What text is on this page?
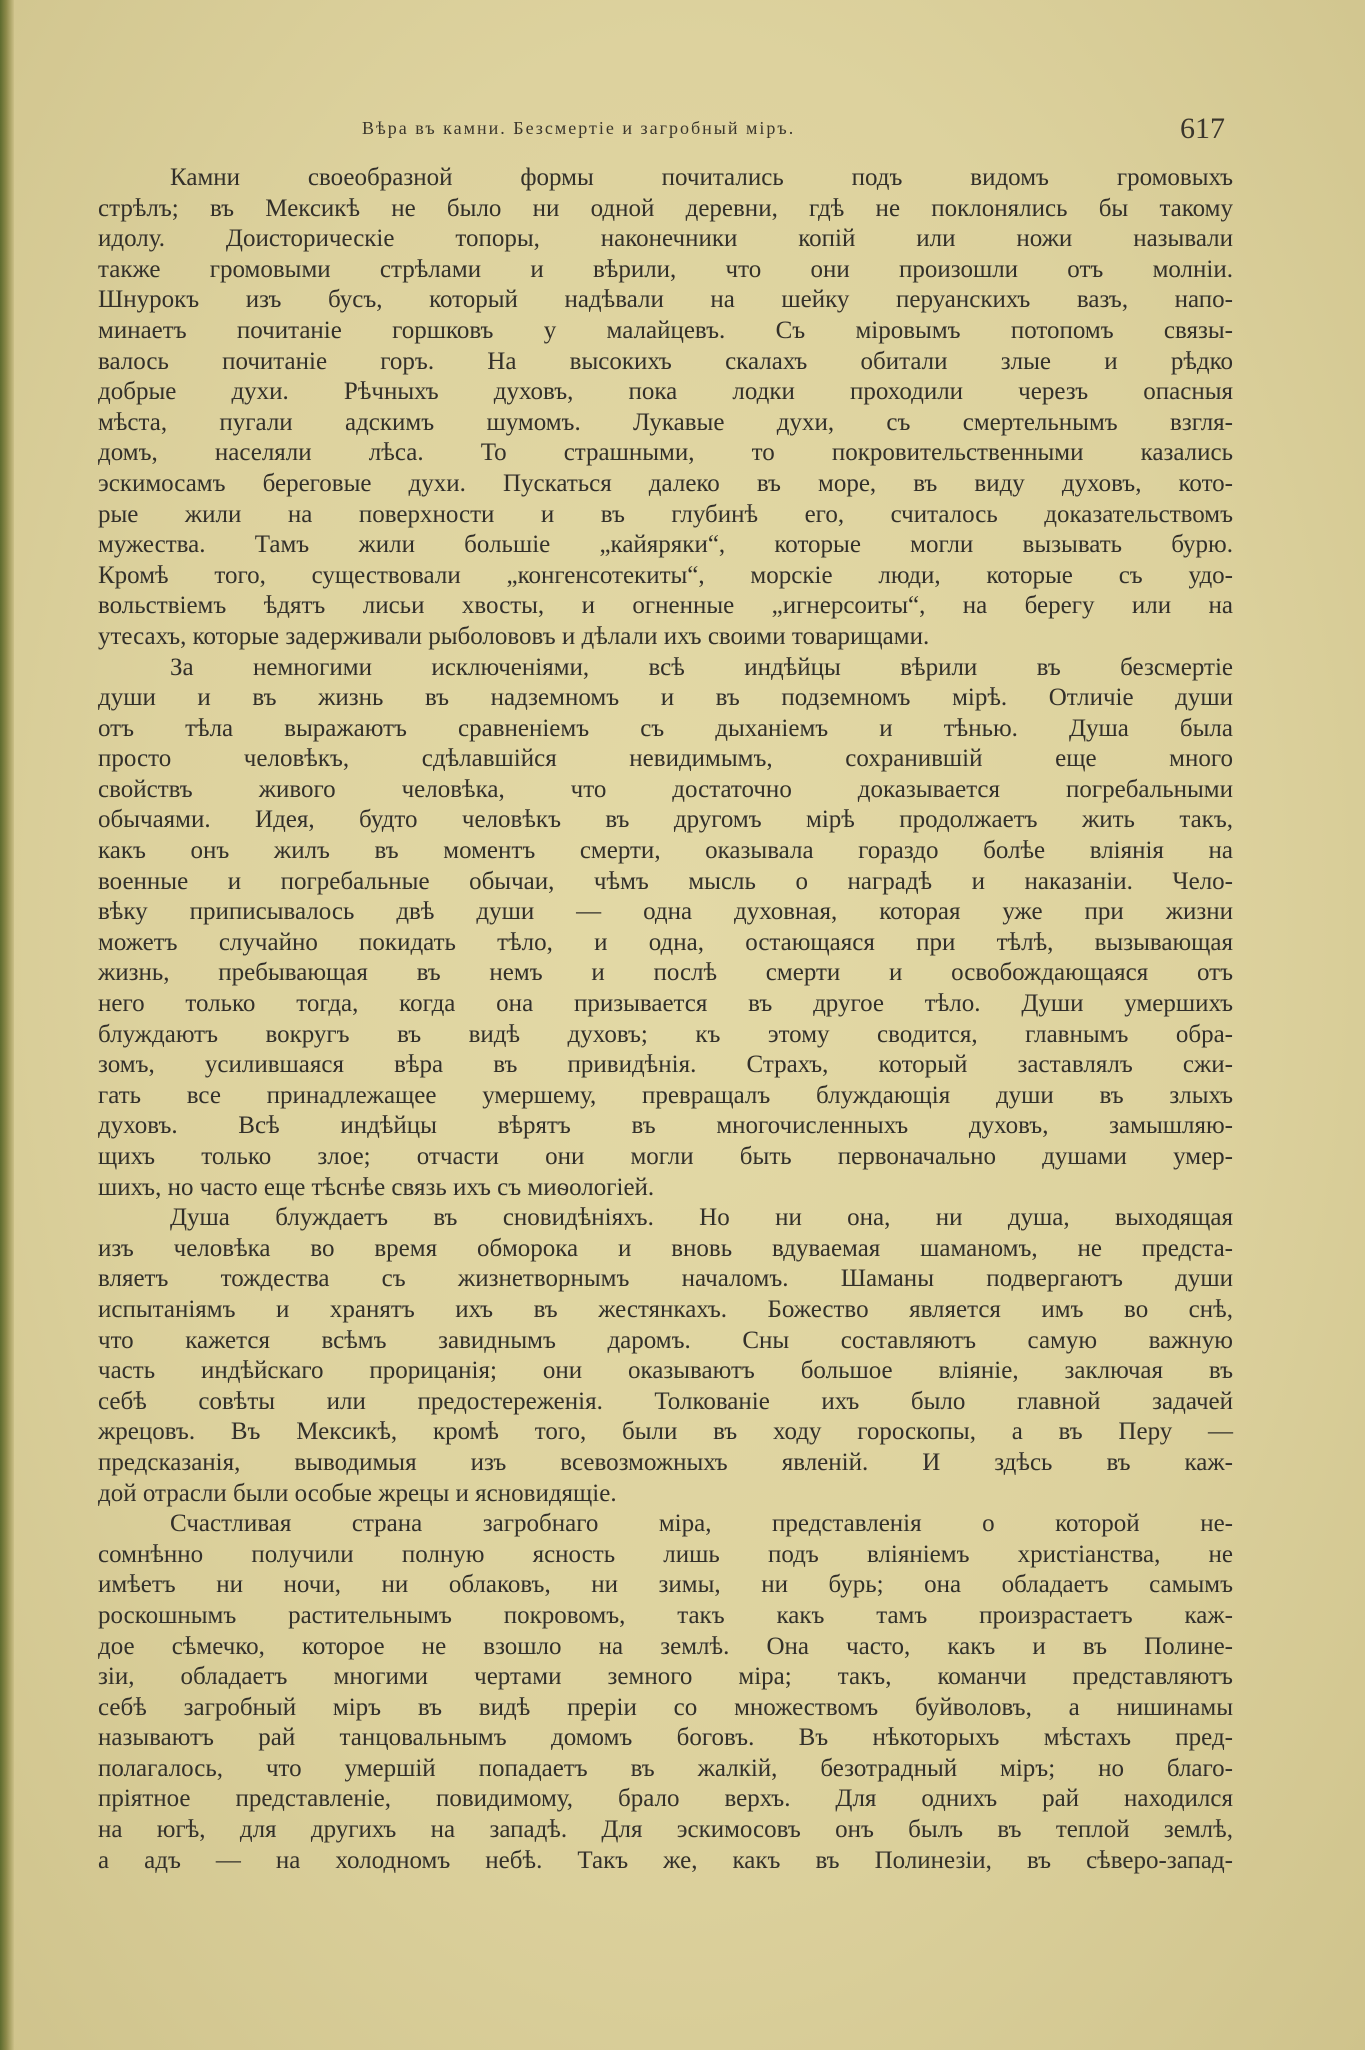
Вѣра въ камни. Безсмертіе и загробный міръ.	617
Камни своеобразной формы почитались подъ видомъ громовыхъ
стрѣлъ; въ Мексикѣ не было ни одной деревни, гдѣ не поклонялись бы такому
идолу. Доисторическіе топоры, наконечники копій или ножи называли
также громовыми стрѣлами и вѣрили, что они произошли отъ молніи.
Шнурокъ изъ бусъ, который надѣвали на шейку перуанскихъ вазъ, напо-
минаетъ почитаніе горшковъ у малайцевъ. Съ міровымъ потопомъ связы-
валось почитаніе горъ. На высокихъ скалахъ обитали злые и рѣдко
добрые духи. Рѣчныхъ духовъ, пока лодки проходили черезъ опасныя
мѣста, пугали адскимъ шумомъ. Лукавые духи, съ смертельнымъ взгля-
домъ, населяли лѣса. То страшными, то покровительственными казались
эскимосамъ береговые духи. Пускаться далеко въ море, въ виду духовъ, кото-
рые жили на поверхности и въ глубинѣ его, считалось доказательствомъ
мужества. Тамъ жили большіе „кайяряки“, которые могли вызывать бурю.
Кромѣ того, существовали „конгенсотекиты“, морскіе люди, которые съ удо-
вольствіемъ ѣдятъ лисьи хвосты, и огненные „игнерсоиты“, на берегу или на
утесахъ, которые задерживали рыболововъ и дѣлали ихъ своими товарищами.
За немногими исключеніями, всѣ индѣйцы вѣрили въ безсмертіе
души и въ жизнь въ надземномъ и въ подземномъ мірѣ. Отличіе души
отъ тѣла выражаютъ сравненіемъ съ дыханіемъ и тѣнью. Душа была
просто человѣкъ, сдѣлавшійся невидимымъ, сохранившій еще много
свойствъ живого человѣка, что достаточно доказывается погребальными
обычаями. Идея, будто человѣкъ въ другомъ мірѣ продолжаетъ жить такъ,
какъ онъ жилъ въ моментъ смерти, оказывала гораздо болѣе вліянія на
военные и погребальные обычаи, чѣмъ мысль о наградѣ и наказаніи. Чело-
вѣку приписывалось двѣ души — одна духовная, которая уже при жизни
можетъ случайно покидать тѣло, и одна, остающаяся при тѣлѣ, вызывающая
жизнь, пребывающая въ немъ и послѣ смерти и освобождающаяся отъ
него только тогда, когда она призывается въ другое тѣло. Души умершихъ
блуждаютъ вокругъ въ видѣ духовъ; къ этому сводится, главнымъ обра-
зомъ, усилившаяся вѣра въ привидѣнія. Страхъ, который заставлялъ сжи-
гать все принадлежащее умершему, превращалъ блуждающія души въ злыхъ
духовъ. Всѣ индѣйцы вѣрятъ въ многочисленныхъ духовъ, замышляю-
щихъ только злое; отчасти они могли быть первоначально душами умер-
шихъ, но часто еще тѣснѣе связь ихъ съ миѳологіей.
Душа блуждаетъ въ сновидѣніяхъ. Но ни она, ни душа, выходящая
изъ человѣка во время обморока и вновь вдуваемая шаманомъ, не предста-
вляетъ тождества съ жизнетворнымъ началомъ. Шаманы подвергаютъ души
испытаніямъ и хранятъ ихъ въ жестянкахъ. Божество является имъ во снѣ,
что кажется всѣмъ завиднымъ даромъ. Сны составляютъ самую важную
часть индѣйскаго прорицанія; они оказываютъ большое вліяніе, заключая въ
себѣ совѣты или предостереженія. Толкованіе ихъ было главной задачей
жрецовъ. Въ Мексикѣ, кромѣ того, были въ ходу гороскопы, а въ Перу —
предсказанія, выводимыя изъ всевозможныхъ явленій. И здѣсь въ каж-
дой отрасли были особые жрецы и ясновидящіе.
Счастливая страна загробнаго міра, представленія о которой не-
сомнѣнно получили полную ясность лишь подъ вліяніемъ христіанства, не
имѣетъ ни ночи, ни облаковъ, ни зимы, ни бурь; она обладаетъ самымъ
роскошнымъ растительнымъ покровомъ, такъ какъ тамъ произрастаетъ каж-
дое сѣмечко, которое не взошло на землѣ. Она часто, какъ и въ Полине-
зіи, обладаетъ многими чертами земного міра; такъ, команчи представляютъ
себѣ загробный міръ въ видѣ преріи со множествомъ буйволовъ, а нишинамы
называютъ рай танцовальнымъ домомъ боговъ. Въ нѣкоторыхъ мѣстахъ пред-
полагалось, что умершій попадаетъ въ жалкій, безотрадный міръ; но благо-
пріятное представленіе, повидимому, брало верхъ. Для однихъ рай находился
на югѣ, для другихъ на западѣ. Для эскимосовъ онъ былъ въ теплой землѣ,
а адъ — на холодномъ небѣ. Такъ же, какъ въ Полинезіи, въ сѣверо-запад-
